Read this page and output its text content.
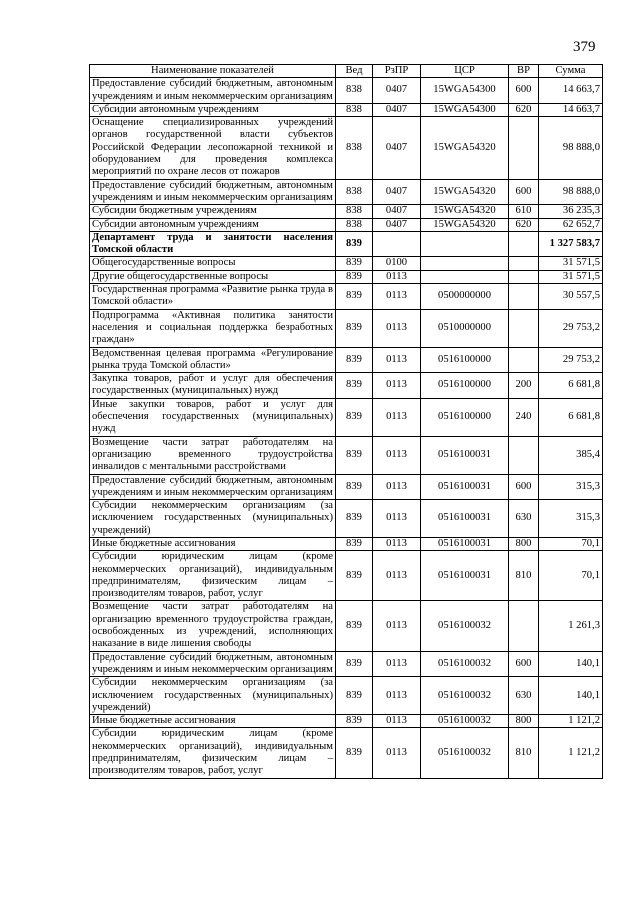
379
Наименование показателей	Вед	РзПР	ЦСР	ВР	Сумма
Предоставление субсидий бюджетным, автономным учреждениям и иным некоммерческим организациям	838	0407	15WGA54300	600	14 663,7
Субсидии автономным учреждениям	838	0407	15WGA54300	620	14 663,7
Оснащение специализированных учреждений органов государственной власти субъектов Российской Федерации лесопожарной техникой и оборудованием для проведения комплекса мероприятий по охране лесов от пожаров	838	0407	15WGA54320		98 888,0
Предоставление субсидий бюджетным, автономным учреждениям и иным некоммерческим организациям	838	0407	15WGA54320	600	98 888,0
Субсидии бюджетным учреждениям	838	0407	15WGA54320	610	36 235,3
Субсидии автономным учреждениям	838	0407	15WGA54320	620	62 652,7
Департамент труда и занятости населения Томской области	839				1 327 583,7
Общегосударственные вопросы	839	0100			31 571,5
Другие общегосударственные вопросы	839	0113			31 571,5
Государственная программа «Развитие рынка труда в Томской области»	839	0113	0500000000		30 557,5
Подпрограмма «Активная политика занятости населения и социальная поддержка безработных граждан»	839	0113	0510000000		29 753,2
Ведомственная целевая программа «Регулирование рынка труда Томской области»	839	0113	0516100000		29 753,2
Закупка товаров, работ и услуг для обеспечения государственных (муниципальных) нужд	839	0113	0516100000	200	6 681,8
Иные закупки товаров, работ и услуг для обеспечения государственных (муниципальных) нужд	839	0113	0516100000	240	6 681,8
Возмещение части затрат работодателям на организацию временного трудоустройства инвалидов с ментальными расстройствами	839	0113	0516100031		385,4
Предоставление субсидий бюджетным, автономным учреждениям и иным некоммерческим организациям	839	0113	0516100031	600	315,3
Субсидии некоммерческим организациям (за исключением государственных (муниципальных) учреждений)	839	0113	0516100031	630	315,3
Иные бюджетные ассигнования	839	0113	0516100031	800	70,1
Субсидии юридическим лицам (кроме некоммерческих организаций), индивидуальным предпринимателям, физическим лицам – производителям товаров, работ, услуг	839	0113	0516100031	810	70,1
Возмещение части затрат работодателям на организацию временного трудоустройства граждан, освобожденных из учреждений, исполняющих наказание в виде лишения свободы	839	0113	0516100032		1 261,3
Предоставление субсидий бюджетным, автономным учреждениям и иным некоммерческим организациям	839	0113	0516100032	600	140,1
Субсидии некоммерческим организациям (за исключением государственных (муниципальных) учреждений)	839	0113	0516100032	630	140,1
Иные бюджетные ассигнования	839	0113	0516100032	800	1 121,2
Субсидии юридическим лицам (кроме некоммерческих организаций), индивидуальным предпринимателям, физическим лицам – производителям товаров, работ, услуг	839	0113	0516100032	810	1 121,2
